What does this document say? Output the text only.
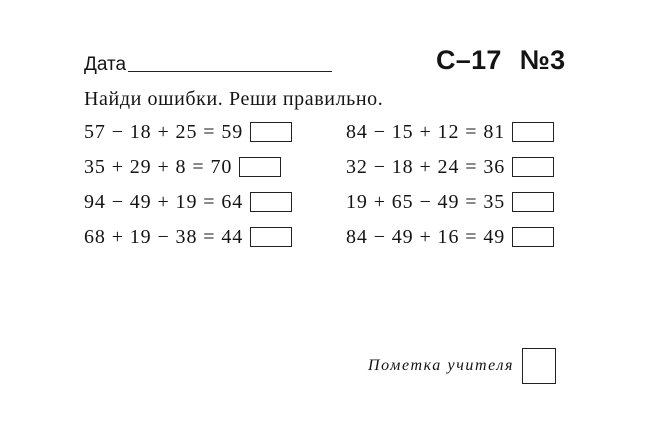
Дата	С–17 №3
Найди ошибки. Реши правильно.
57 − 18 + 25 = 59
35 + 29 + 8 = 70
94 − 49 + 19 = 64
68 + 19 − 38 = 44
84 − 15 + 12 = 81
32 − 18 + 24 = 36
19 + 65 − 49 = 35
84 − 49 + 16 = 49
Пометка учителя
